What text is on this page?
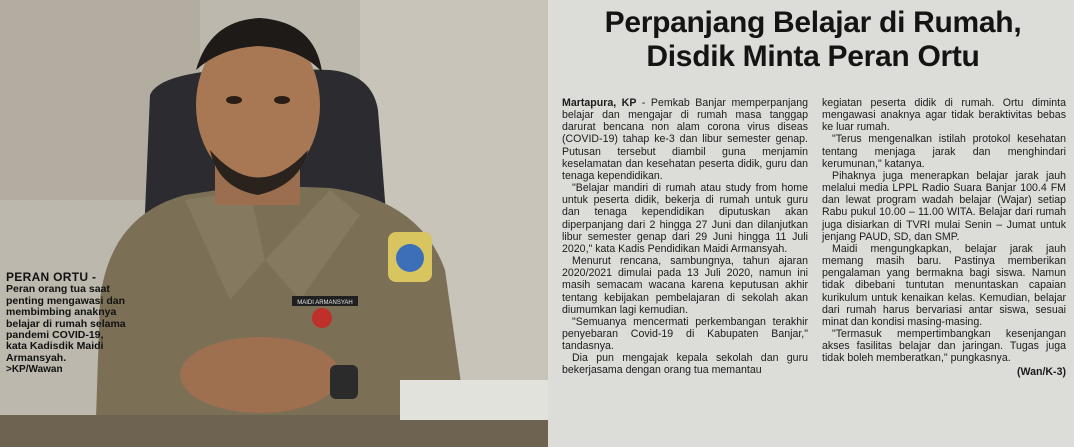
MAIDI ARMANSYAH
PERAN ORTU -
Peran orang tua saat penting mengawasi dan membimbing anaknya belajar di rumah selama pandemi COVID-19, kata Kadisdik Maidi Armansyah.
>KP/Wawan
Perpanjang Belajar di Rumah,
Disdik Minta Peran Ortu

Martapura, KP - Pemkab Banjar memperpanjang belajar dan mengajar di rumah masa tanggap darurat bencana non alam corona virus diseas (COVID-19) tahap ke-3 dan libur semester genap. Putusan tersebut diambil guna menjamin keselamatan dan kesehatan peserta didik, guru dan tenaga kependidikan.

"Belajar mandiri di rumah atau study from home untuk peserta didik, bekerja di rumah untuk guru dan tenaga kependidikan diputuskan akan diperpanjang dari 2 hingga 27 Juni dan dilanjutkan libur semester genap dari 29 Juni hingga 11 Juli 2020," kata Kadis Pendidikan Maidi Armansyah.

Menurut rencana, sambungnya, tahun ajaran 2020/2021 dimulai pada 13 Juli 2020, namun ini masih semacam wacana karena keputusan akhir tentang kebijakan pembelajaran di sekolah akan diumumkan lagi kemudian.

"Semuanya mencermati perkembangan terakhir penyebaran Covid-19 di Kabupaten Banjar," tandasnya.

Dia pun mengajak kepala sekolah dan guru bekerjasama dengan orang tua memantau

kegiatan peserta didik di rumah. Ortu diminta mengawasi anaknya agar tidak beraktivitas bebas ke luar rumah.

"Terus mengenalkan istilah protokol kesehatan tentang menjaga jarak dan menghindari kerumunan," katanya.

Pihaknya juga menerapkan belajar jarak jauh melalui media LPPL Radio Suara Banjar 100.4 FM dan lewat program wadah belajar (Wajar) setiap Rabu pukul 10.00 – 11.00 WITA. Belajar dari rumah juga disiarkan di TVRI mulai Senin – Jumat untuk jenjang PAUD, SD, dan SMP.

Maidi mengungkapkan, belajar jarak jauh memang masih baru. Pastinya memberikan pengalaman yang bermakna bagi siswa. Namun tidak dibebani tuntutan menuntaskan capaian kurikulum untuk kenaikan kelas. Kemudian, belajar dari rumah harus bervariasi antar siswa, sesuai minat dan kondisi masing-masing.

"Termasuk mempertimbangkan kesenjangan akses fasilitas belajar dan jaringan. Tugas juga tidak boleh memberatkan," pungkasnya.

(Wan/K-3)
